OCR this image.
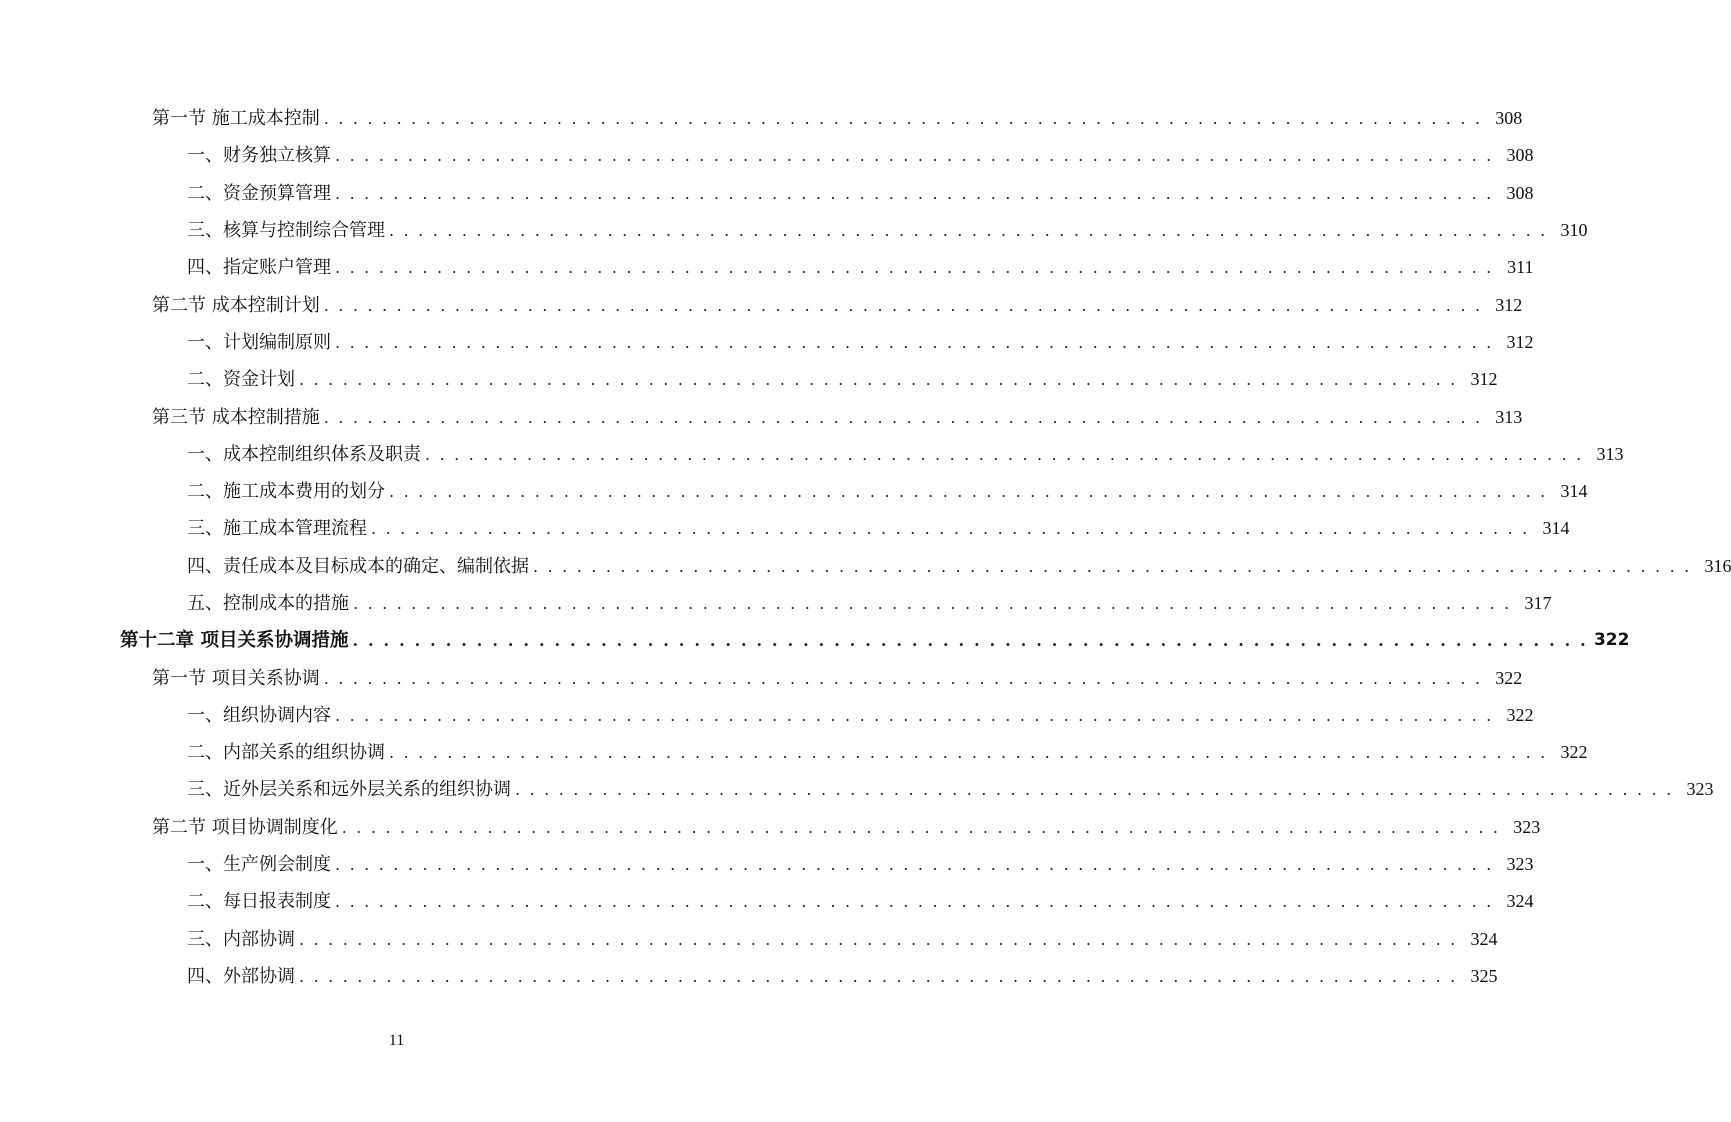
第一节 施工成本控制 . . . . . . . . . . . . . . . . . . . . . . . . . . . . . . . . . . . . . . . . . . . . . . . . . . . . . . . . . . . . . . . . . . . . . . . . . . . . . . . . 308
一、财务独立核算 . . . . . . . . . . . . . . . . . . . . . . . . . . . . . . . . . . . . . . . . . . . . . . . . . . . . . . . . . . . . . . . . . . . . . . . . . . . . . . . . 308
二、资金预算管理 . . . . . . . . . . . . . . . . . . . . . . . . . . . . . . . . . . . . . . . . . . . . . . . . . . . . . . . . . . . . . . . . . . . . . . . . . . . . . . . . 308
三、核算与控制综合管理 . . . . . . . . . . . . . . . . . . . . . . . . . . . . . . . . . . . . . . . . . . . . . . . . . . . . . . . . . . . . . . . . . . . . . . . . . . . . . . . . 310
四、指定账户管理 . . . . . . . . . . . . . . . . . . . . . . . . . . . . . . . . . . . . . . . . . . . . . . . . . . . . . . . . . . . . . . . . . . . . . . . . . . . . . . . . 311
第二节 成本控制计划 . . . . . . . . . . . . . . . . . . . . . . . . . . . . . . . . . . . . . . . . . . . . . . . . . . . . . . . . . . . . . . . . . . . . . . . . . . . . . . . . 312
一、计划编制原则 . . . . . . . . . . . . . . . . . . . . . . . . . . . . . . . . . . . . . . . . . . . . . . . . . . . . . . . . . . . . . . . . . . . . . . . . . . . . . . . . 312
二、资金计划 . . . . . . . . . . . . . . . . . . . . . . . . . . . . . . . . . . . . . . . . . . . . . . . . . . . . . . . . . . . . . . . . . . . . . . . . . . . . . . . . 312
第三节 成本控制措施 . . . . . . . . . . . . . . . . . . . . . . . . . . . . . . . . . . . . . . . . . . . . . . . . . . . . . . . . . . . . . . . . . . . . . . . . . . . . . . . . 313
一、成本控制组织体系及职责 . . . . . . . . . . . . . . . . . . . . . . . . . . . . . . . . . . . . . . . . . . . . . . . . . . . . . . . . . . . . . . . . . . . . . . . . . . . . . . . . 313
二、施工成本费用的划分 . . . . . . . . . . . . . . . . . . . . . . . . . . . . . . . . . . . . . . . . . . . . . . . . . . . . . . . . . . . . . . . . . . . . . . . . . . . . . . . . 314
三、施工成本管理流程 . . . . . . . . . . . . . . . . . . . . . . . . . . . . . . . . . . . . . . . . . . . . . . . . . . . . . . . . . . . . . . . . . . . . . . . . . . . . . . . . 314
四、责任成本及目标成本的确定、编制依据 . . . . . . . . . . . . . . . . . . . . . . . . . . . . . . . . . . . . . . . . . . . . . . . . . . . . . . . . . . . . . . . . . . . . . . . . . . . . . . . . 316
五、控制成本的措施 . . . . . . . . . . . . . . . . . . . . . . . . . . . . . . . . . . . . . . . . . . . . . . . . . . . . . . . . . . . . . . . . . . . . . . . . . . . . . . . . 317
第十二章 项目关系协调措施 . . . . . . . . . . . . . . . . . . . . . . . . . . . . . . . . . . . . . . . . . . . . . . . . . . . . . . . . . . . . . . . . . . . . . . . . . . . . . . . . 322
第一节 项目关系协调 . . . . . . . . . . . . . . . . . . . . . . . . . . . . . . . . . . . . . . . . . . . . . . . . . . . . . . . . . . . . . . . . . . . . . . . . . . . . . . . . 322
一、组织协调内容 . . . . . . . . . . . . . . . . . . . . . . . . . . . . . . . . . . . . . . . . . . . . . . . . . . . . . . . . . . . . . . . . . . . . . . . . . . . . . . . . 322
二、内部关系的组织协调 . . . . . . . . . . . . . . . . . . . . . . . . . . . . . . . . . . . . . . . . . . . . . . . . . . . . . . . . . . . . . . . . . . . . . . . . . . . . . . . . 322
三、近外层关系和远外层关系的组织协调 . . . . . . . . . . . . . . . . . . . . . . . . . . . . . . . . . . . . . . . . . . . . . . . . . . . . . . . . . . . . . . . . . . . . . . . . . . . . . . . . 323
第二节 项目协调制度化 . . . . . . . . . . . . . . . . . . . . . . . . . . . . . . . . . . . . . . . . . . . . . . . . . . . . . . . . . . . . . . . . . . . . . . . . . . . . . . . . 323
一、生产例会制度 . . . . . . . . . . . . . . . . . . . . . . . . . . . . . . . . . . . . . . . . . . . . . . . . . . . . . . . . . . . . . . . . . . . . . . . . . . . . . . . . 323
二、每日报表制度 . . . . . . . . . . . . . . . . . . . . . . . . . . . . . . . . . . . . . . . . . . . . . . . . . . . . . . . . . . . . . . . . . . . . . . . . . . . . . . . . 324
三、内部协调 . . . . . . . . . . . . . . . . . . . . . . . . . . . . . . . . . . . . . . . . . . . . . . . . . . . . . . . . . . . . . . . . . . . . . . . . . . . . . . . . 324
四、外部协调 . . . . . . . . . . . . . . . . . . . . . . . . . . . . . . . . . . . . . . . . . . . . . . . . . . . . . . . . . . . . . . . . . . . . . . . . . . . . . . . . 325
11
